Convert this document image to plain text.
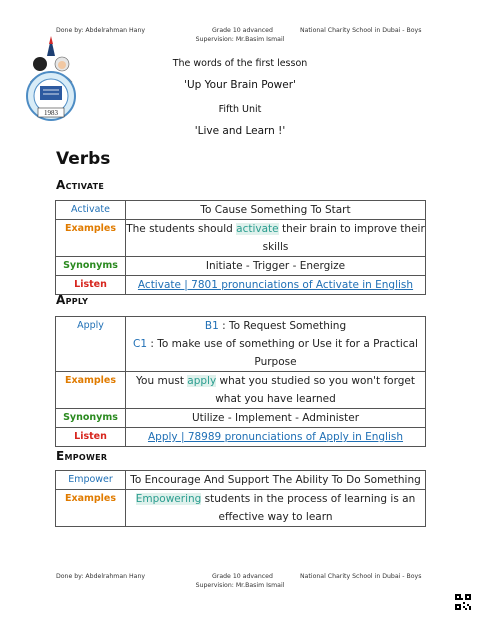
Done by: Abdelrahman Hany	Grade 10 advanced	National Charity School in Dubai - Boys
Supervision: Mr.Basim Ismail
1983
The words of the first lesson
'Up Your Brain Power'
Fifth Unit
'Live and Learn !'
Verbs
Activate
Activate	To Cause Something To Start
Examples	The students should activate their brain to improve their skills
Synonyms	Initiate - Trigger - Energize
Listen	Activate | 7801 pronunciations of Activate in English
Apply
Apply	B1 : To Request Something
C1 : To make use of something or Use it for a Practical Purpose

Examples	You must apply what you studied so you won't forget what you have learned
Synonyms	Utilize - Implement - Administer
Listen	Apply | 78989 pronunciations of Apply in English
Empower
Empower	To Encourage And Support The Ability To Do Something
Examples	Empowering students in the process of learning is an effective way to learn
Done by: Abdelrahman Hany	Grade 10 advanced	National Charity School in Dubai - Boys
Supervision: Mr.Basim Ismail
